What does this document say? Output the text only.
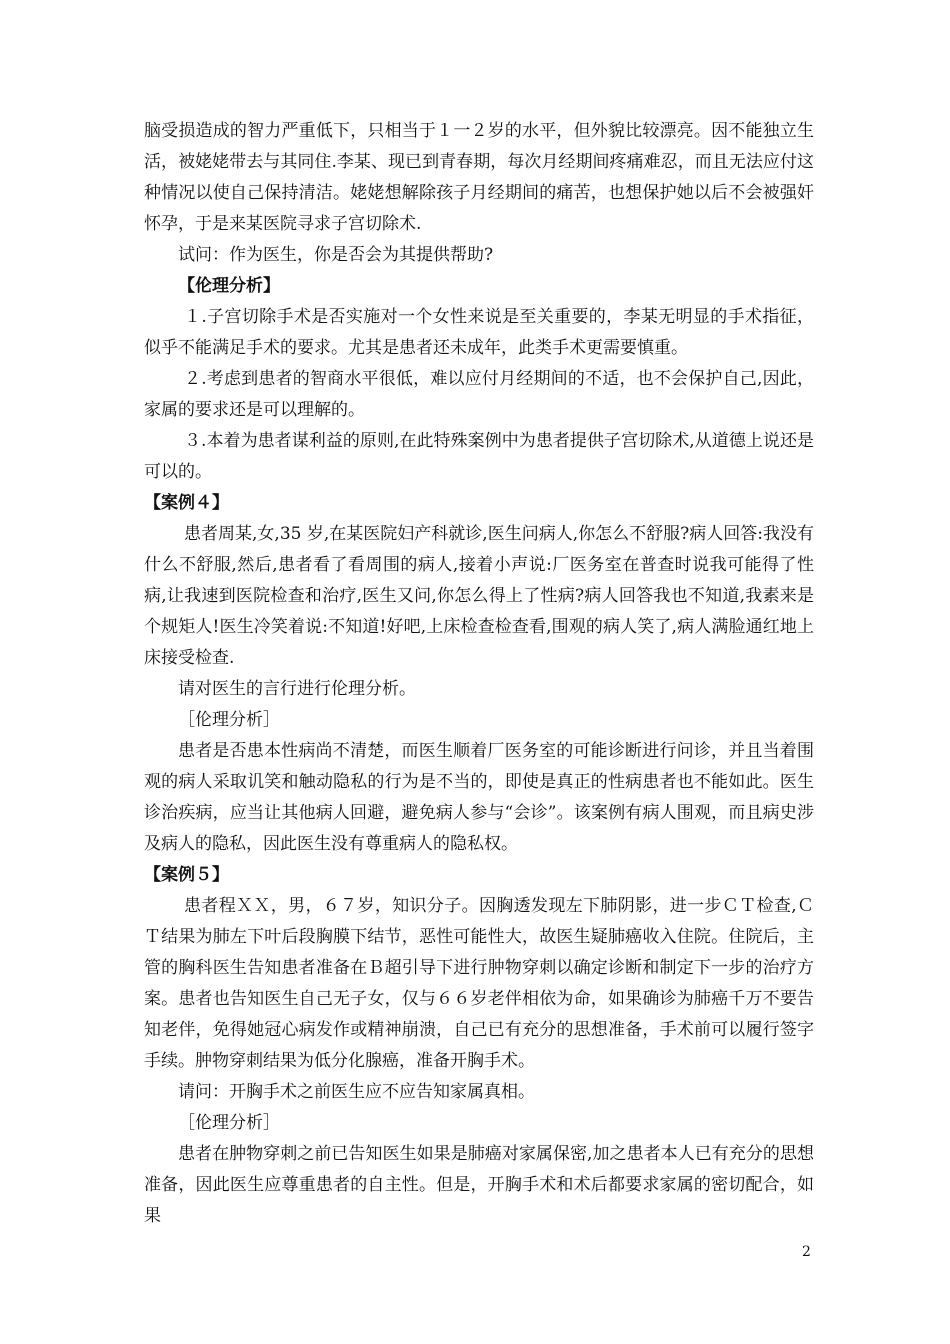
脑受损造成的智力严重低下，只相当于１一２岁的水平，但外貌比较漂亮。因不能独立生活，被姥姥带去与其同住.李某、现已到青春期，每次月经期间疼痛难忍，而且无法应付这种情况以使自己保持清洁。姥姥想解除孩子月经期间的痛苦，也想保护她以后不会被强奸怀孕，于是来某医院寻求子宫切除术.

试问：作为医生，你是否会为其提供帮助?

【伦理分析】

１.子宫切除手术是否实施对一个女性来说是至关重要的，李某无明显的手术指征，似乎不能满足手术的要求。尤其是患者还未成年，此类手术更需要慎重。

２.考虑到患者的智商水平很低，难以应付月经期间的不适，也不会保护自己,因此，家属的要求还是可以理解的。

３.本着为患者谋利益的原则,在此特殊案例中为患者提供子宫切除术,从道德上说还是可以的。

【案例４】

患者周某,女,35 岁,在某医院妇产科就诊,医生问病人,你怎么不舒服?病人回答:我没有什么不舒服,然后,患者看了看周围的病人,接着小声说:厂医务室在普查时说我可能得了性病,让我速到医院检查和治疗,医生又问,你怎么得上了性病?病人回答我也不知道,我素来是个规矩人!医生冷笑着说:不知道!好吧,上床检查检查看,围观的病人笑了,病人满脸通红地上床接受检查.

请对医生的言行进行伦理分析。

［伦理分析］

患者是否患本性病尚不清楚，而医生顺着厂医务室的可能诊断进行问诊，并且当着围观的病人采取讥笑和触动隐私的行为是不当的，即使是真正的性病患者也不能如此。医生诊治疾病，应当让其他病人回避，避免病人参与“会诊”。该案例有病人围观，而且病史涉及病人的隐私，因此医生没有尊重病人的隐私权。

【案例５】

患者程ＸＸ，男，６７岁，知识分子。因胸透发现左下肺阴影，进一步ＣＴ检查,ＣＴ结果为肺左下叶后段胸膜下结节，恶性可能性大，故医生疑肺癌收入住院。住院后，主管的胸科医生告知患者准备在Ｂ超引导下进行肿物穿刺以确定诊断和制定下一步的治疗方案。患者也告知医生自己无子女，仅与６６岁老伴相依为命，如果确诊为肺癌千万不要告知老伴，免得她冠心病发作或精神崩溃，自己已有充分的思想准备，手术前可以履行签字手续。肿物穿刺结果为低分化腺癌，准备开胸手术。

请问：开胸手术之前医生应不应告知家属真相。

［伦理分析］

患者在肿物穿刺之前已告知医生如果是肺癌对家属保密,加之患者本人已有充分的思想准备，因此医生应尊重患者的自主性。但是，开胸手术和术后都要求家属的密切配合，如果

2
